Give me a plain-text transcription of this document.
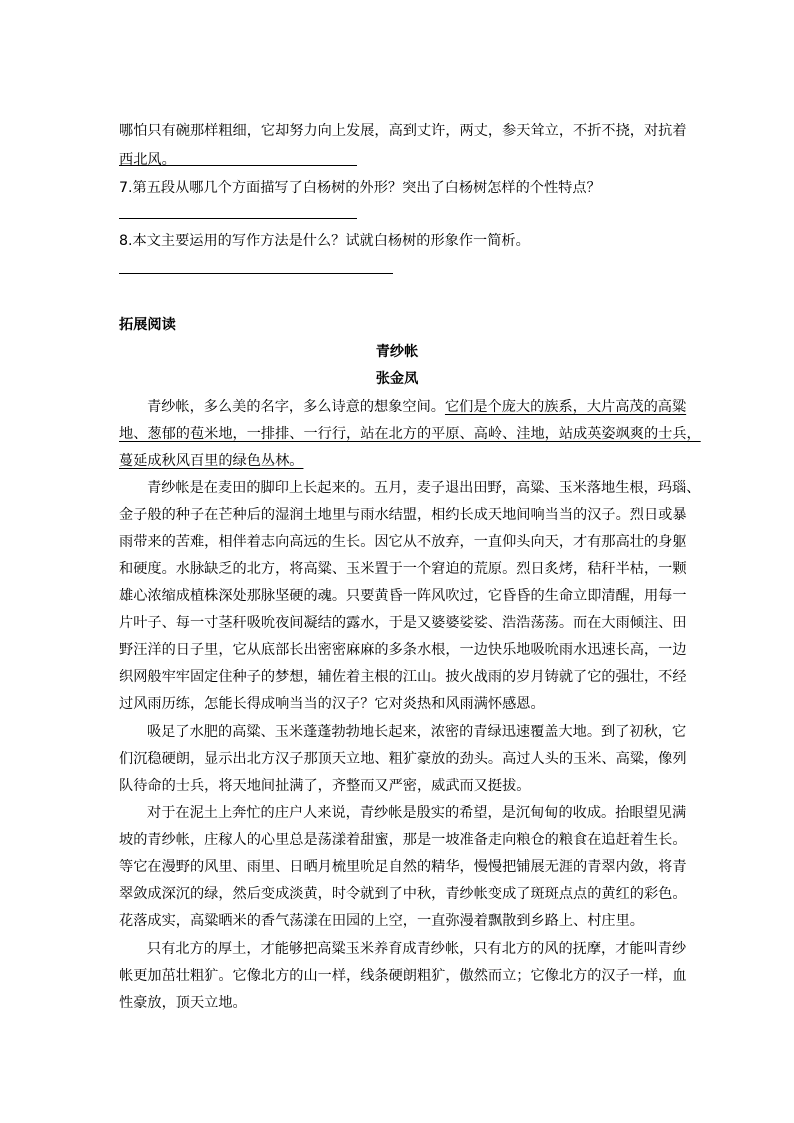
哪怕只有碗那样粗细，它却努力向上发展，高到丈许，两丈，参天耸立，不折不挠，对抗着
西北风。
7.第五段从哪几个方面描写了白杨树的外形？突出了白杨树怎样的个性特点？
8.本文主要运用的写作方法是什么？试就白杨树的形象作一简析。
拓展阅读
青纱帐
张金凤
青纱帐，多么美的名字，多么诗意的想象空间。它们是个庞大的族系，大片高茂的高粱
地、葱郁的苞米地，一排排、一行行，站在北方的平原、高岭、洼地，站成英姿飒爽的士兵，
蔓延成秋风百里的绿色丛林。
青纱帐是在麦田的脚印上长起来的。五月，麦子退出田野，高粱、玉米落地生根，玛瑙、
金子般的种子在芒种后的湿润土地里与雨水结盟，相约长成天地间响当当的汉子。烈日或暴
雨带来的苦难，相伴着志向高远的生长。因它从不放弃，一直仰头向天，才有那高壮的身躯
和硬度。水脉缺乏的北方，将高粱、玉米置于一个窘迫的荒原。烈日炙烤，秸秆半枯，一颗
雄心浓缩成植株深处那脉坚硬的魂。只要黄昏一阵风吹过，它昏昏的生命立即清醒，用每一
片叶子、每一寸茎秆吸吮夜间凝结的露水，于是又婆婆娑娑、浩浩荡荡。而在大雨倾注、田
野汪洋的日子里，它从底部长出密密麻麻的多条水根，一边快乐地吸吮雨水迅速长高，一边
织网般牢牢固定住种子的梦想，辅佐着主根的江山。披火战雨的岁月铸就了它的强壮，不经
过风雨历练，怎能长得成响当当的汉子？它对炎热和风雨满怀感恩。
吸足了水肥的高粱、玉米蓬蓬勃勃地长起来，浓密的青绿迅速覆盖大地。到了初秋，它
们沉稳硬朗，显示出北方汉子那顶天立地、粗犷豪放的劲头。高过人头的玉米、高粱，像列
队待命的士兵，将天地间扯满了，齐整而又严密，威武而又挺拔。
对于在泥土上奔忙的庄户人来说，青纱帐是殷实的希望，是沉甸甸的收成。抬眼望见满
坡的青纱帐，庄稼人的心里总是荡漾着甜蜜，那是一坡准备走向粮仓的粮食在追赶着生长。
等它在漫野的风里、雨里、日晒月梳里吮足自然的精华，慢慢把铺展无涯的青翠内敛，将青
翠敛成深沉的绿，然后变成淡黄，时令就到了中秋，青纱帐变成了斑斑点点的黄红的彩色。
花落成实，高粱晒米的香气荡漾在田园的上空，一直弥漫着飘散到乡路上、村庄里。
只有北方的厚土，才能够把高粱玉米养育成青纱帐，只有北方的风的抚摩，才能叫青纱
帐更加茁壮粗犷。它像北方的山一样，线条硬朗粗犷，傲然而立；它像北方的汉子一样，血
性豪放，顶天立地。
